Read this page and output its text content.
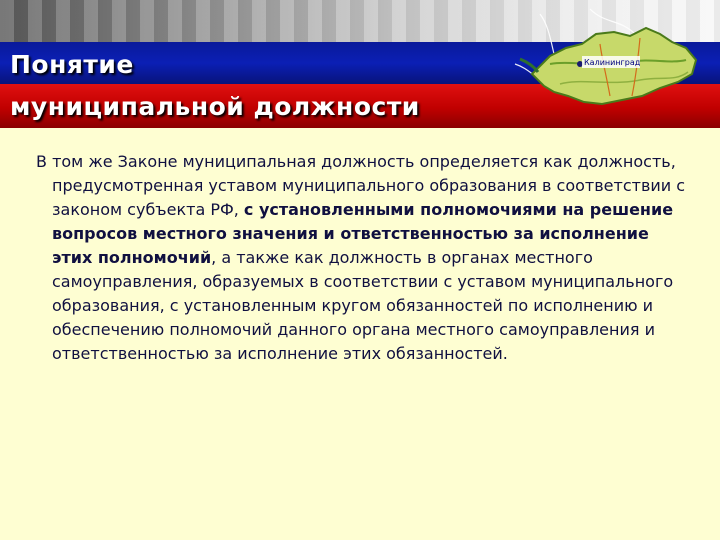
Понятие
муниципальной должности
Калининград

В том же Законе муниципальная должность определяется как должность, предусмотренная уставом муниципального образования в соответствии с законом субъекта РФ, с установленными полномочиями на решение вопросов местного значения и ответственностью за исполнение этих полномочий, а также как должность в органах местного самоуправления, образуемых в соответствии с уставом муниципального образования, с установленным кругом обязанностей по исполнению и обеспечению полномочий данного органа местного самоуправления и ответственностью за исполнение этих обязанностей.
